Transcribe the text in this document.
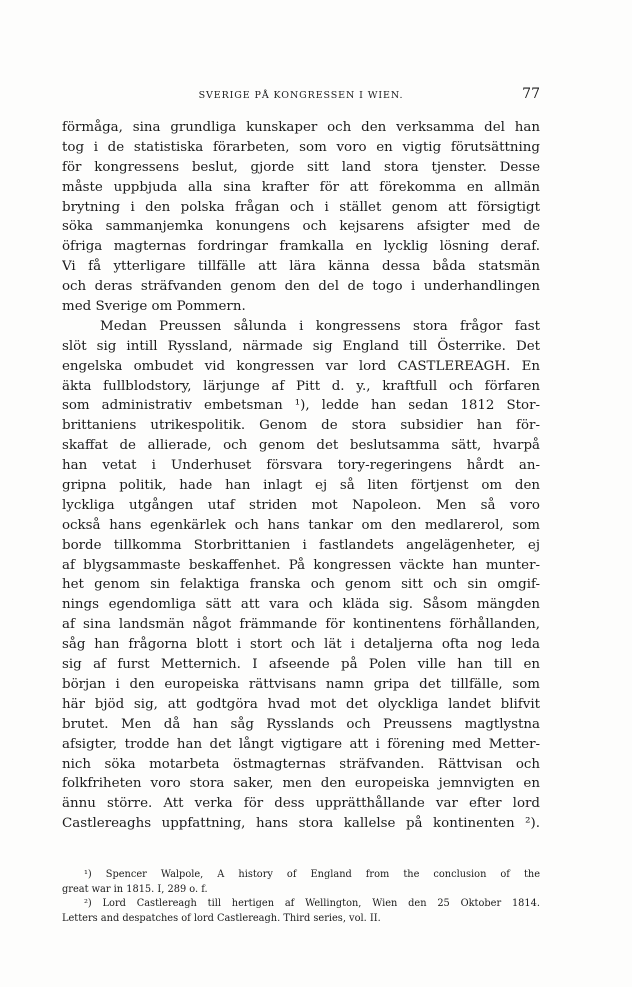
SVERIGE PÅ KONGRESSEN I WIEN.	77
förmåga, sina grundliga kunskaper och den verksamma del han
tog i de statistiska förarbeten, som voro en vigtig förutsättning
för kongressens beslut, gjorde sitt land stora tjenster. Desse
måste uppbjuda alla sina krafter för att förekomma en allmän
brytning i den polska frågan och i stället genom att försigtigt
söka sammanjemka konungens och kejsarens afsigter med de
öfriga magternas fordringar framkalla en lycklig lösning deraf.
Vi få ytterligare tillfälle att lära känna dessa båda statsmän
och deras sträfvanden genom den del de togo i underhandlingen
med Sverige om Pommern.
Medan Preussen sålunda i kongressens stora frågor fast
slöt sig intill Ryssland, närmade sig England till Österrike. Det
engelska ombudet vid kongressen var lord CASTLEREAGH. En
äkta fullblodstory, lärjunge af Pitt d. y., kraftfull och förfaren
som administrativ embetsman ¹), ledde han sedan 1812 Stor-
brittaniens utrikespolitik. Genom de stora subsidier han för-
skaffat de allierade, och genom det beslutsamma sätt, hvarpå
han vetat i Underhuset försvara tory-regeringens hårdt an-
gripna politik, hade han inlagt ej så liten förtjenst om den
lyckliga utgången utaf striden mot Napoleon. Men så voro
också hans egenkärlek och hans tankar om den medlarerol, som
borde tillkomma Storbrittanien i fastlandets angelägenheter, ej
af blygsammaste beskaffenhet. På kongressen väckte han munter-
het genom sin felaktiga franska och genom sitt och sin omgif-
nings egendomliga sätt att vara och kläda sig. Såsom mängden
af sina landsmän något främmande för kontinentens förhållanden,
såg han frågorna blott i stort och lät i detaljerna ofta nog leda
sig af furst Metternich. I afseende på Polen ville han till en
början i den europeiska rättvisans namn gripa det tillfälle, som
här bjöd sig, att godtgöra hvad mot det olyckliga landet blifvit
brutet. Men då han såg Rysslands och Preussens magtlystna
afsigter, trodde han det långt vigtigare att i förening med Metter-
nich söka motarbeta östmagternas sträfvanden. Rättvisan och
folkfriheten voro stora saker, men den europeiska jemnvigten en
ännu större. Att verka för dess upprätthållande var efter lord
Castlereaghs uppfattning, hans stora kallelse på kontinenten ²).
¹) Spencer Walpole, A history of England from the conclusion of the
great war in 1815. I, 289 o. f.
²) Lord Castlereagh till hertigen af Wellington, Wien den 25 Oktober 1814.
Letters and despatches of lord Castlereagh. Third series, vol. II.
